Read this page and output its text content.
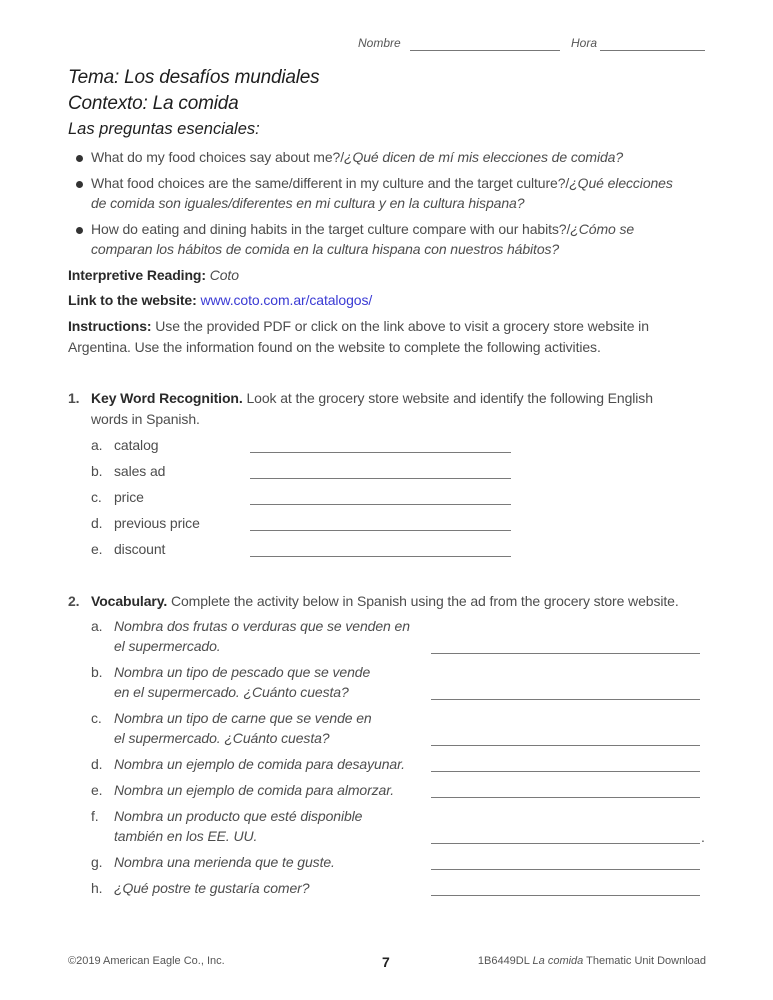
Nombre	Hora
Tema: Los desafíos mundiales
Contexto: La comida
Las preguntas esenciales:
What do my food choices say about me?/¿Qué dicen de mí mis elecciones de comida?
What food choices are the same/different in my culture and the target culture?/¿Qué elecciones
de comida son iguales/diferentes en mi cultura y en la cultura hispana?
How do eating and dining habits in the target culture compare with our habits?/¿Cómo se
comparan los hábitos de comida en la cultura hispana con nuestros hábitos?
Interpretive Reading: Coto
Link to the website: www.coto.com.ar/catalogos/
Instructions: Use the provided PDF or click on the link above to visit a grocery store website in
Argentina. Use the information found on the website to complete the following activities.
1. Key Word Recognition. Look at the grocery store website and identify the following English
words in Spanish.
a. catalog
b. sales ad
c. price
d. previous price
e. discount
2. Vocabulary. Complete the activity below in Spanish using the ad from the grocery store website.
a. Nombra dos frutas o verduras que se venden en
el supermercado.
b. Nombra un tipo de pescado que se vende
en el supermercado. ¿Cuánto cuesta?
c. Nombra un tipo de carne que se vende en
el supermercado. ¿Cuánto cuesta?
d. Nombra un ejemplo de comida para desayunar.
e. Nombra un ejemplo de comida para almorzar.
f. Nombra un producto que esté disponible
también en los EE. UU.	.
g. Nombra una merienda que te guste.
h. ¿Qué postre te gustaría comer?
©2019 American Eagle Co., Inc.	7	1B6449DL La comida Thematic Unit Download
